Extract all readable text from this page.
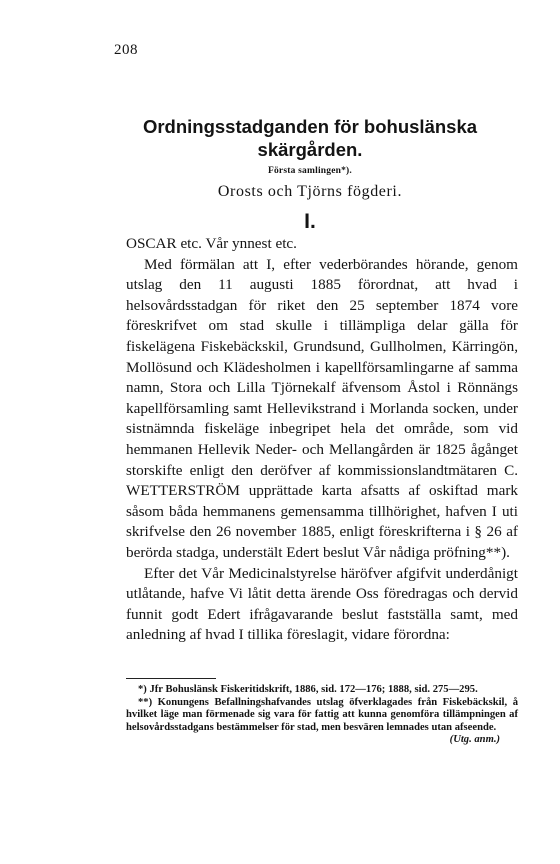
208
Ordningsstadganden för bohuslänska
skärgården.
Första samlingen*).
Orosts och Tjörns fögderi.
I.

OSCAR etc. Vår ynnest etc.

Med förmälan att I, efter vederbörandes hörande, genom utslag den 11 augusti 1885 förordnat, att hvad i helsovårdsstadgan för riket den 25 september 1874 vore föreskrifvet om stad skulle i tillämpliga delar gälla för fiskelägena Fiskebäckskil, Grundsund, Gullholmen, Kärringön, Mollösund och Klädesholmen i kapellförsamlingarne af samma namn, Stora och Lilla Tjörnekalf äfvensom Åstol i Rönnängs kapellförsamling samt Hellevikstrand i Morlanda socken, under sistnämnda fiskeläge inbegripet hela det område, som vid hemmanen Hellevik Neder- och Mellangården är 1825 ågånget storskifte enligt den deröfver af kommissionslandtmätaren C. WETTERSTRÖM upprättade karta afsatts af oskiftad mark såsom båda hemmanens gemensamma tillhörighet, hafven I uti skrifvelse den 26 november 1885, enligt föreskrifterna i § 26 af berörda stadga, understält Edert beslut Vår nådiga pröfning**).

Efter det Vår Medicinalstyrelse häröfver afgifvit underdånigt utlåtande, hafve Vi låtit detta ärende Oss föredragas och dervid funnit godt Edert ifrågavarande beslut fastställa samt, med anledning af hvad I tillika föreslagit, vidare förordna:

*) Jfr Bohuslänsk Fiskeritidskrift, 1886, sid. 172—176; 1888, sid. 275—295.

**) Konungens Befallningshafvandes utslag öfverklagades från Fiskebäckskil, å hvilket läge man förmenade sig vara för fattig att kunna genomföra tillämpningen af helsovårdsstadgans bestämmelser för stad, men besvären lemnades utan afseende.
(Utg. anm.)
